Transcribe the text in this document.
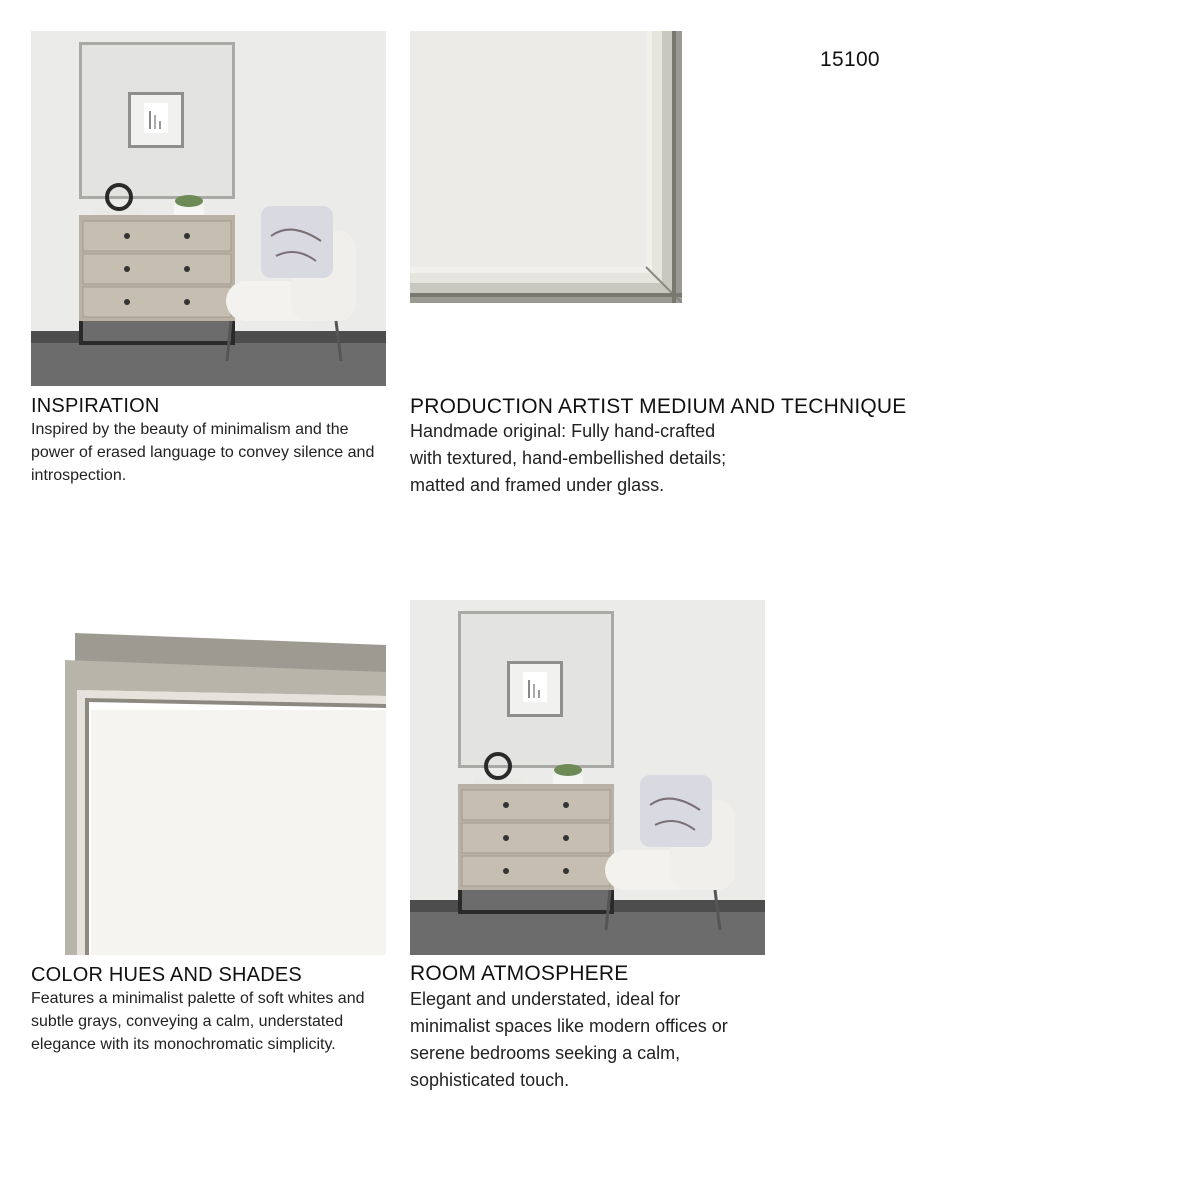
15100
INSPIRATION
Inspired by the beauty of minimalism and the power of erased language to convey silence and introspection.
PRODUCTION ARTIST MEDIUM AND TECHNIQUE
Handmade original: Fully hand-crafted
with textured, hand-embellished details;
matted and framed under glass.
COLOR HUES AND SHADES
Features a minimalist palette of soft whites and subtle grays, conveying a calm, understated elegance with its monochromatic simplicity.
ROOM ATMOSPHERE
Elegant and understated, ideal for
minimalist spaces like modern offices or
serene bedrooms seeking a calm,
sophisticated touch.
